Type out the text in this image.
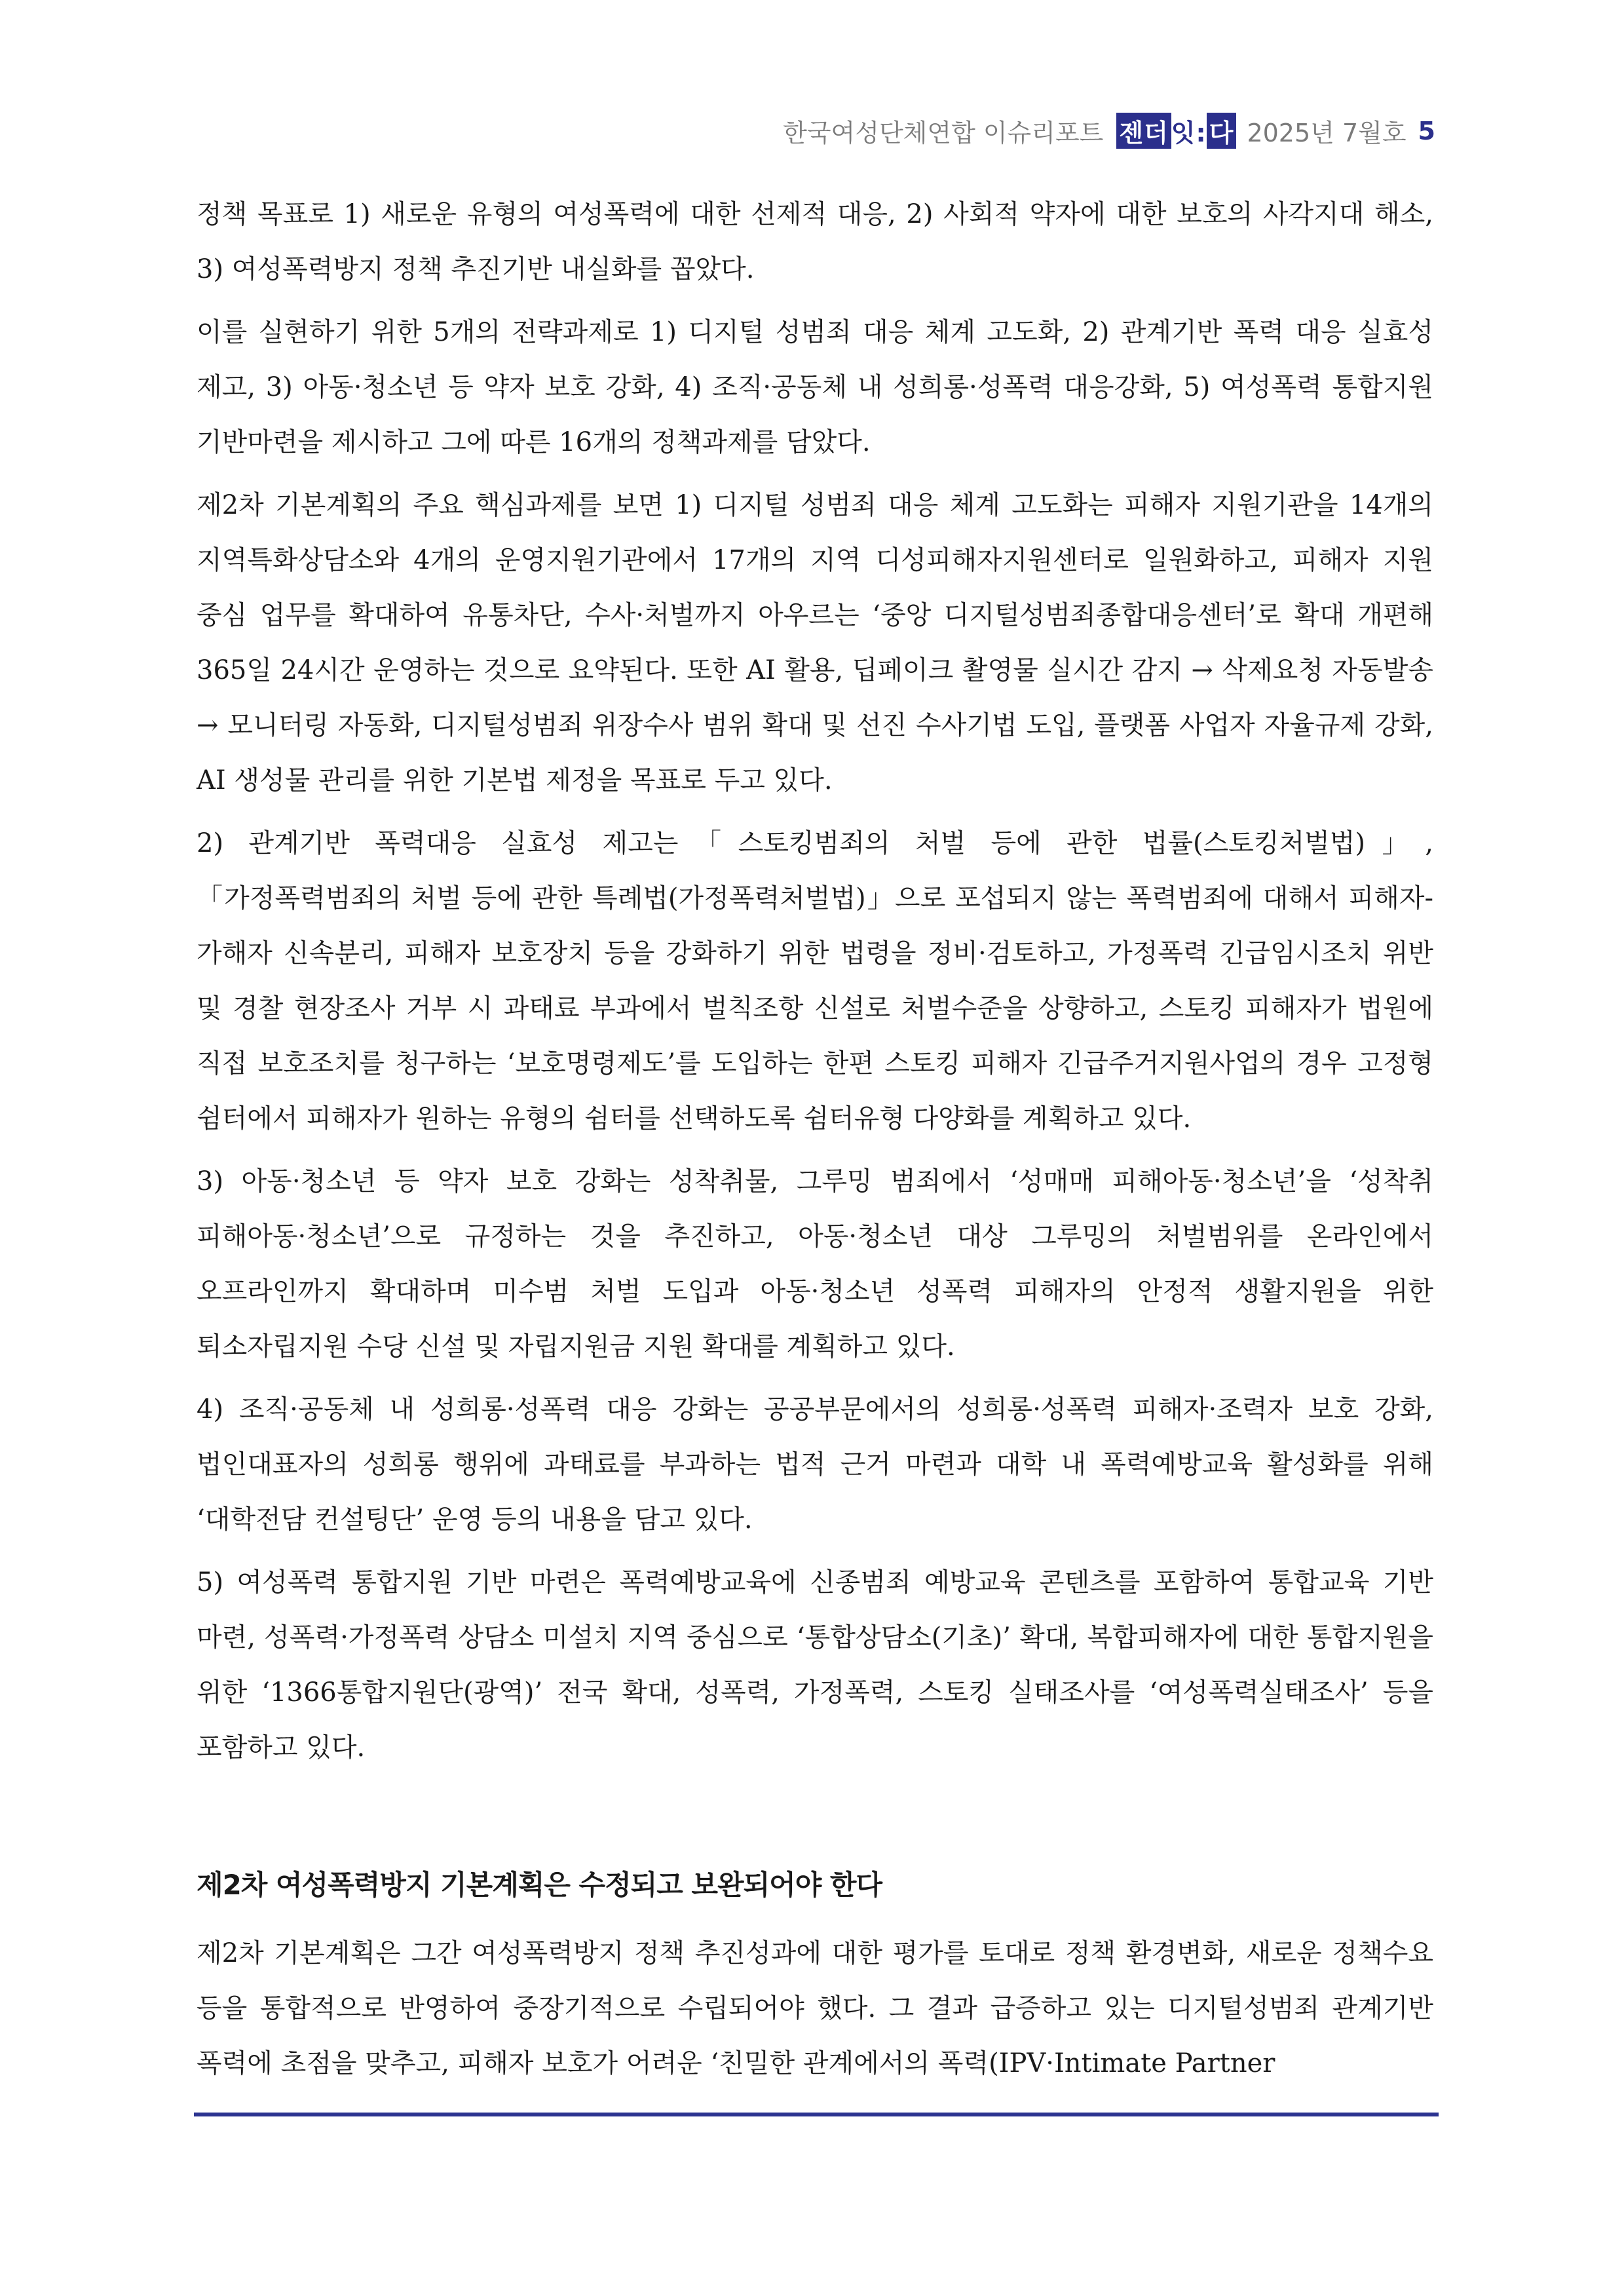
한국여성단체연합 이슈리포트 젠더 잇: 다 2025년 7월호 5

정책 목표로 1) 새로운 유형의 여성폭력에 대한 선제적 대응, 2) 사회적 약자에 대한 보호의 사각지대 해소, 3) 여성폭력방지 정책 추진기반 내실화를 꼽았다.

이를 실현하기 위한 5개의 전략과제로 1) 디지털 성범죄 대응 체계 고도화, 2) 관계기반 폭력 대응 실효성 제고, 3) 아동·청소년 등 약자 보호 강화, 4) 조직·공동체 내 성희롱·성폭력 대응강화, 5) 여성폭력 통합지원 기반마련을 제시하고 그에 따른 16개의 정책과제를 담았다.

제2차 기본계획의 주요 핵심과제를 보면 1) 디지털 성범죄 대응 체계 고도화는 피해자 지원기관을 14개의 지역특화상담소와 4개의 운영지원기관에서 17개의 지역 디성피해자지원센터로 일원화하고, 피해자 지원 중심 업무를 확대하여 유통차단, 수사·처벌까지 아우르는 ‘중앙 디지털성범죄종합대응센터’로 확대 개편해 365일 24시간 운영하는 것으로 요약된다. 또한 AI 활용, 딥페이크 촬영물 실시간 감지 → 삭제요청 자동발송 → 모니터링 자동화, 디지털성범죄 위장수사 범위 확대 및 선진 수사기법 도입, 플랫폼 사업자 자율규제 강화, AI 생성물 관리를 위한 기본법 제정을 목표로 두고 있다.

2) 관계기반 폭력대응 실효성 제고는「스토킹범죄의 처벌 등에 관한 법률(스토킹처벌법)」,「가정폭력범죄의 처벌 등에 관한 특례법(가정폭력처벌법)」으로 포섭되지 않는 폭력범죄에 대해서 피해자-가해자 신속분리, 피해자 보호장치 등을 강화하기 위한 법령을 정비·검토하고, 가정폭력 긴급임시조치 위반 및 경찰 현장조사 거부 시 과태료 부과에서 벌칙조항 신설로 처벌수준을 상향하고, 스토킹 피해자가 법원에 직접 보호조치를 청구하는 ‘보호명령제도’를 도입하는 한편 스토킹 피해자 긴급주거지원사업의 경우 고정형 쉼터에서 피해자가 원하는 유형의 쉼터를 선택하도록 쉼터유형 다양화를 계획하고 있다.

3) 아동·청소년 등 약자 보호 강화는 성착취물, 그루밍 범죄에서 ‘성매매 피해아동·청소년’을 ‘성착취 피해아동·청소년’으로 규정하는 것을 추진하고, 아동·청소년 대상 그루밍의 처벌범위를 온라인에서 오프라인까지 확대하며 미수범 처벌 도입과 아동·청소년 성폭력 피해자의 안정적 생활지원을 위한 퇴소자립지원 수당 신설 및 자립지원금 지원 확대를 계획하고 있다.

4) 조직·공동체 내 성희롱·성폭력 대응 강화는 공공부문에서의 성희롱·성폭력 피해자·조력자 보호 강화, 법인대표자의 성희롱 행위에 과태료를 부과하는 법적 근거 마련과 대학 내 폭력예방교육 활성화를 위해 ‘대학전담 컨설팅단’ 운영 등의 내용을 담고 있다.

5) 여성폭력 통합지원 기반 마련은 폭력예방교육에 신종범죄 예방교육 콘텐츠를 포함하여 통합교육 기반 마련, 성폭력·가정폭력 상담소 미설치 지역 중심으로 ‘통합상담소(기초)’ 확대, 복합피해자에 대한 통합지원을 위한 ‘1366통합지원단(광역)’ 전국 확대, 성폭력, 가정폭력, 스토킹 실태조사를 ‘여성폭력실태조사’ 등을 포함하고 있다.

제2차 여성폭력방지 기본계획은 수정되고 보완되어야 한다

제2차 기본계획은 그간 여성폭력방지 정책 추진성과에 대한 평가를 토대로 정책 환경변화, 새로운 정책수요 등을 통합적으로 반영하여 중장기적으로 수립되어야 했다. 그 결과 급증하고 있는 디지털성범죄 관계기반 폭력에 초점을 맞추고, 피해자 보호가 어려운 ‘친밀한 관계에서의 폭력(IPV·Intimate Partner
